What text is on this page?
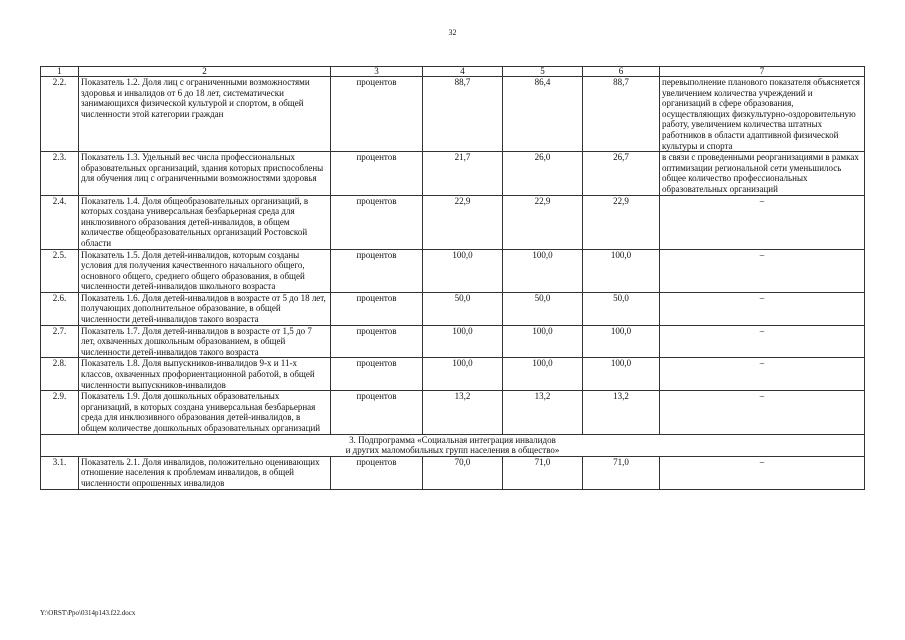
32
1	2	3	4	5	6	7
2.2.	Показатель 1.2. Доля лиц с ограниченными возможностями здоровья и инвалидов от 6 до 18 лет, систематически занимающихся физической культурой и спортом, в общей численности этой категории граждан	процентов	88,7	86,4	88,7	перевыполнение планового показателя объясняется увеличением количества учреждений и организаций в сфере образования, осуществляющих физкультурно-оздоровительную работу, увеличением количества штатных работников в области адаптивной физической культуры и спорта
2.3.	Показатель 1.3. Удельный вес числа профессиональных образовательных организаций, здания которых приспособлены для обучения лиц с ограниченными возможностями здоровья	процентов	21,7	26,0	26,7	в связи с проведенными реорганизациями в рамках оптимизации региональной сети уменьшилось общее количество профессиональных образовательных организаций
2.4.	Показатель 1.4. Доля общеобразовательных организаций, в которых создана универсальная безбарьерная среда для инклюзивного образования детей-инвалидов, в общем количестве общеобразовательных организаций Ростовской области	процентов	22,9	22,9	22,9	–
2.5.	Показатель 1.5. Доля детей-инвалидов, которым созданы условия для получения качественного начального общего, основного общего, среднего общего образования, в общей численности детей-инвалидов школьного возраста	процентов	100,0	100,0	100,0	–
2.6.	Показатель 1.6. Доля детей-инвалидов в возрасте от 5 до 18 лет, получающих дополнительное образование, в общей численности детей-инвалидов такого возраста	процентов	50,0	50,0	50,0	–
2.7.	Показатель 1.7. Доля детей-инвалидов в возрасте от 1,5 до 7 лет, охваченных дошкольным образованием, в общей численности детей-инвалидов такого возраста	процентов	100,0	100,0	100,0	–
2.8.	Показатель 1.8. Доля выпускников-инвалидов 9-х и 11-х классов, охваченных профориентационной работой, в общей численности выпускников-инвалидов	процентов	100,0	100,0	100,0	–
2.9.	Показатель 1.9. Доля дошкольных образовательных организаций, в которых создана универсальная безбарьерная среда для инклюзивного образования детей-инвалидов, в общем количестве дошкольных образовательных организаций	процентов	13,2	13,2	13,2	–

3. Подпрограмма «Социальная интеграция инвалидов
и других маломобильных групп населения в общество»						

3.1.	Показатель 2.1. Доля инвалидов, положительно оценивающих отношение населения к проблемам инвалидов, в общей численности опрошенных инвалидов	процентов	70,0	71,0	71,0	–
Y:\ORST\Ppo\0314p143.f22.docx
